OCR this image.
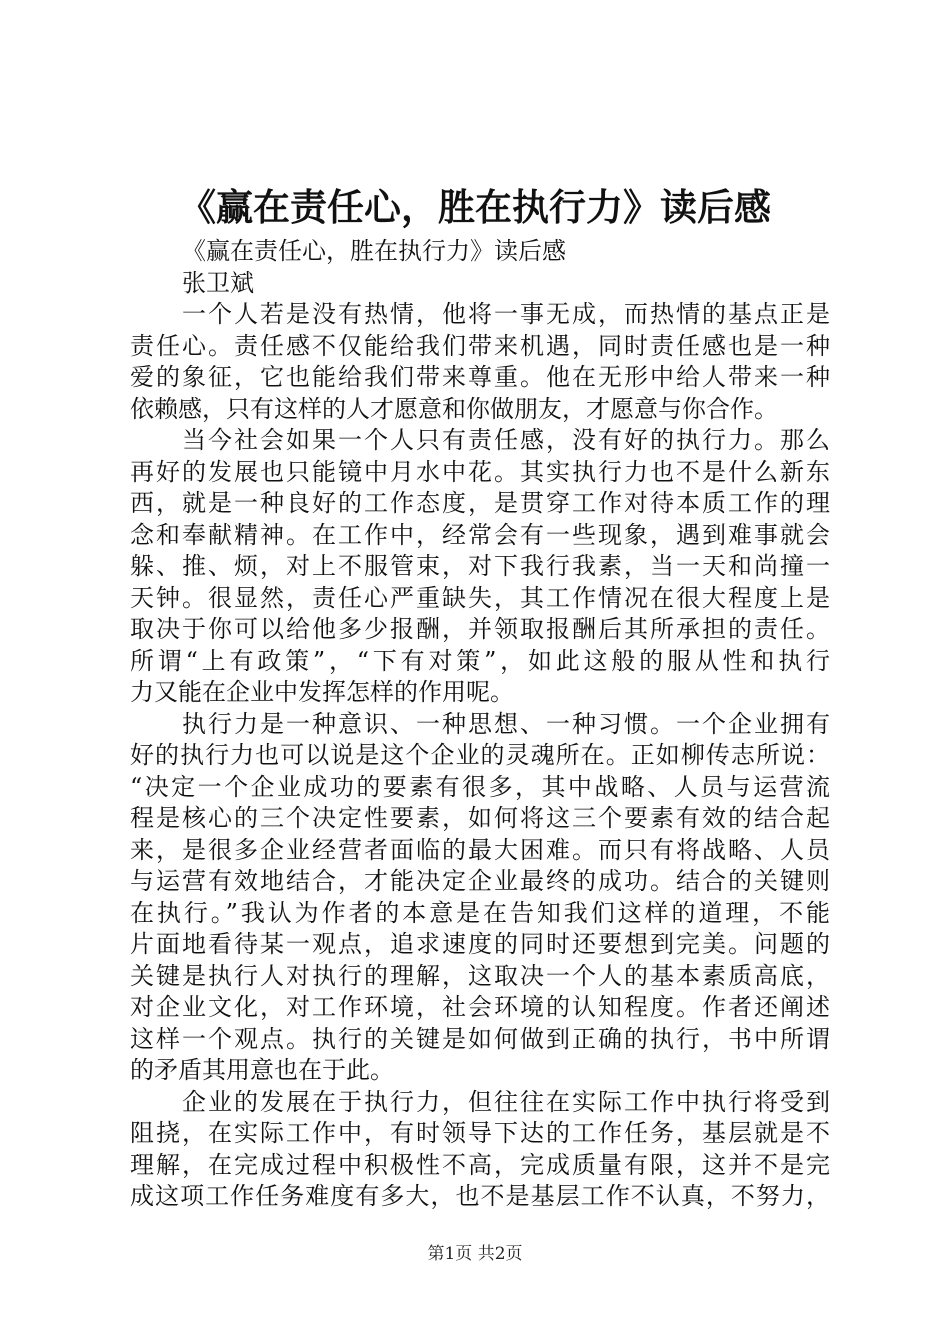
《赢在责任心，胜在执行力》读后感
《赢在责任心，胜在执行力》读后感
张卫斌
一个人若是没有热情，他将一事无成，而热情的基点正是
责任心。责任感不仅能给我们带来机遇，同时责任感也是一种
爱的象征，它也能给我们带来尊重。他在无形中给人带来一种
依赖感，只有这样的人才愿意和你做朋友，才愿意与你合作。
当今社会如果一个人只有责任感，没有好的执行力。那么
再好的发展也只能镜中月水中花。其实执行力也不是什么新东
西，就是一种良好的工作态度，是贯穿工作对待本质工作的理
念和奉献精神。在工作中，经常会有一些现象，遇到难事就会
躲、推、烦，对上不服管束，对下我行我素，当一天和尚撞一
天钟。很显然，责任心严重缺失，其工作情况在很大程度上是
取决于你可以给他多少报酬，并领取报酬后其所承担的责任。
所谓“上有政策”，“下有对策”，如此这般的服从性和执行
力又能在企业中发挥怎样的作用呢。
执行力是一种意识、一种思想、一种习惯。一个企业拥有
好的执行力也可以说是这个企业的灵魂所在。正如柳传志所说：
“决定一个企业成功的要素有很多，其中战略、人员与运营流
程是核心的三个决定性要素，如何将这三个要素有效的结合起
来，是很多企业经营者面临的最大困难。而只有将战略、人员
与运营有效地结合，才能决定企业最终的成功。结合的关键则
在执行。”我认为作者的本意是在告知我们这样的道理，不能
片面地看待某一观点，追求速度的同时还要想到完美。问题的
关键是执行人对执行的理解，这取决一个人的基本素质高底，
对企业文化，对工作环境，社会环境的认知程度。作者还阐述
这样一个观点。执行的关键是如何做到正确的执行，书中所谓
的矛盾其用意也在于此。
企业的发展在于执行力，但往往在实际工作中执行将受到
阻挠，在实际工作中，有时领导下达的工作任务，基层就是不
理解，在完成过程中积极性不高，完成质量有限，这并不是完
成这项工作任务难度有多大，也不是基层工作不认真，不努力，
第1页 共2页
